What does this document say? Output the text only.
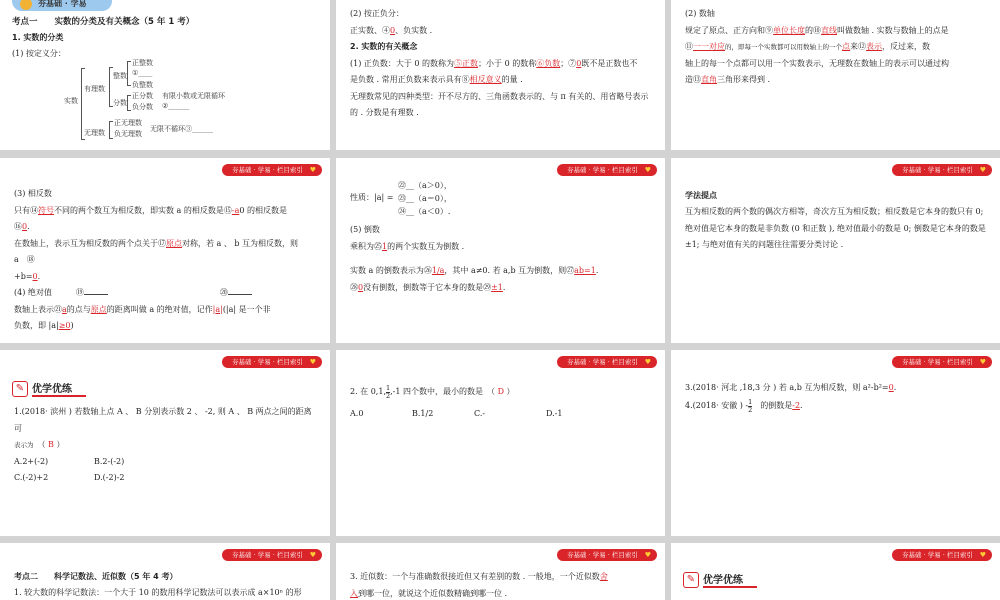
夯基础 · 学易
考点一　　实数的分类及有关概念（5 年 1 考）
1. 实数的分类
(1) 按定义分：
实数
有理数
整数
正整数
①____
负整数
分数
正分数
负分数
有限小数或无限循环
②______
无理数
正无理数
负无理数
无限不循环③______
(2) 按正负分：
正实数、④0、负实数 .
2. 实数的有关概念
(1) 正负数：大于 0 的数称为⑤正数；小于 0 的数称⑥负数；⑦0既不是正数也不
是负数 . 常用正负数来表示具有⑧相反意义的量 .
无理数常见的四种类型：开不尽方的、三角函数表示的、与 π 有关的、用省略号表示的 . 分数是有理数 .
(2) 数轴
规定了原点、正方向和⑨单位长度的⑩直线叫做数轴 . 实数与数轴上的点是
⑪一一对应的，即每一个实数都可以用数轴上的一个点来⑫表示，反过来，数
轴上的每一个点都可以用一个实数表示，无理数在数轴上的表示可以通过构
造⑬直角三角形来得到 .
夯基础 · 学易 · 栏目索引 ♥
(3) 相反数
只有⑭符号不同的两个数互为相反数，即实数 a 的相反数是⑮-a0 的相反数是
⑯0.
在数轴上，表示互为相反数的两个点关于⑰原点对称，若 a 、 b 互为相反数，则
a　⑱
+b=0.
(4) 绝对值　　　	⑲　　　　　　　　　　　　　　	⑳
数轴上表示㉑a的点与原点的距离叫做 a 的绝对值，记作|a|(|a| 是一个非
负数，即 |a|≥0)
夯基础 · 学易 · 栏目索引 ♥
性质：|a| =
㉒__（a＞0），
㉓__（a＝0），
㉔__（a＜0）.
(5) 倒数
乘积为㉕1的两个实数互为倒数 .
实数 a 的倒数表示为㉖1/a，其中 a≠0. 若 a,b 互为倒数，则㉗ab=1.
㉘0没有倒数，倒数等于它本身的数是㉙±1.
夯基础 · 学易 · 栏目索引 ♥
学法提点
互为相反数的两个数的偶次方相等，奇次方互为相反数；相反数是它本身的数只有 0; 绝对值是它本身的数是非负数 (0 和正数 ), 绝对值最小的数是 0; 倒数是它本身的数是 ±1; 与绝对值有关的问题往往需要分类讨论 .
夯基础 · 学易 · 栏目索引 ♥
✎ 优学优练
1.(2018· 滨州 ) 若数轴上点 A 、 B 分别表示数 2 、 -2, 则 A 、 B 两点之间的距离可
表示为　（ B ）
A.2+(-2)	B.2-(-2)
C.(-2)+2	D.(-2)-2
夯基础 · 学易 · 栏目索引 ♥
2. 在 0,1, $\frac{1}{2} ,-1$ 四个数中，最小的数是　（ D ）
A.0	B.1/2	C.-	D.-1
夯基础 · 学易 · 栏目索引 ♥
3.(2018· 河北 ,18,3 分 ) 若 a,b 互为相反数，则 a²-b²=0.
4.(2018· 安徽 ) - $\frac{1}{2}$
　 的倒数是-2.
夯基础 · 学易 · 栏目索引 ♥
考点二　　科学记数法、近似数（5 年 4 考）
1. 较大数的科学记数法：一个大于 10 的数用科学记数法可以表示成 a×10ⁿ 的形
夯基础 · 学易 · 栏目索引 ♥
3. 近似数：一个与准确数很接近但又有差别的数 . 一般地，一个近似数舍
入到哪一位，就说这个近似数精确到哪一位 .
夯基础 · 学易 · 栏目索引 ♥
✎ 优学优练
